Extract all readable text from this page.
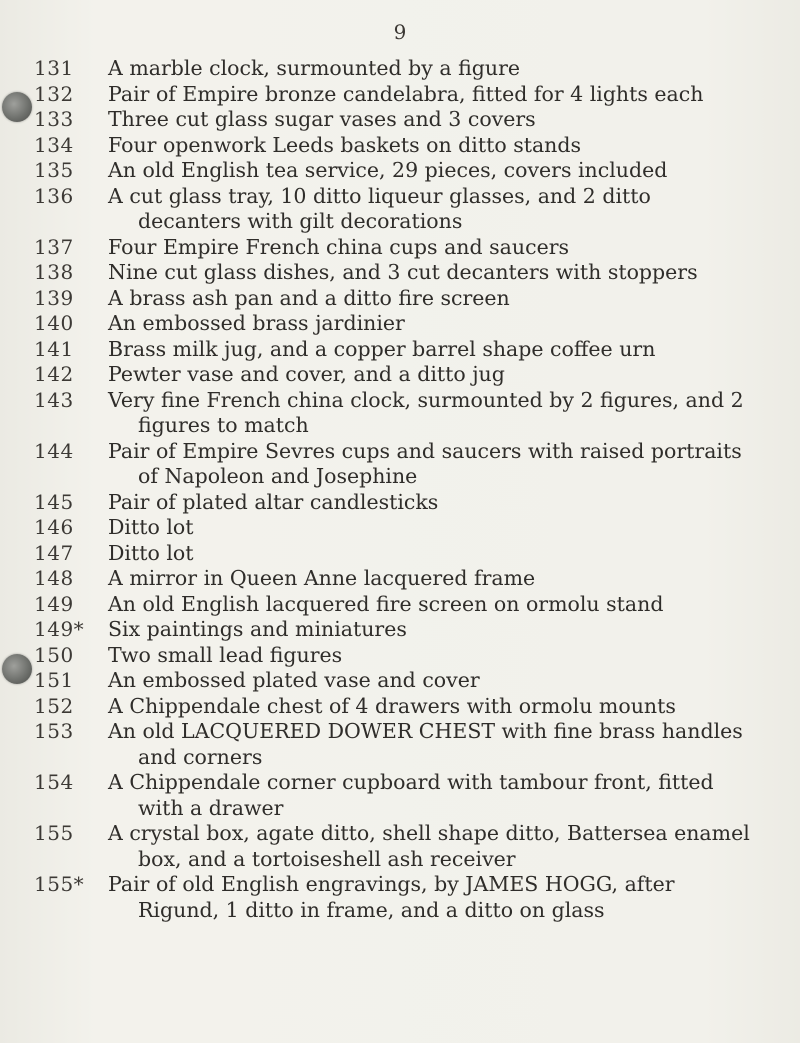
9
131	A marble clock, surmounted by a figure
132	Pair of Empire bronze candelabra, fitted for 4 lights each
133	Three cut glass sugar vases and 3 covers
134	Four openwork Leeds baskets on ditto stands
135	An old English tea service, 29 pieces, covers included
136	A cut glass tray, 10 ditto liqueur glasses, and 2 ditto decanters with gilt decorations
137	Four Empire French china cups and saucers
138	Nine cut glass dishes, and 3 cut decanters with stoppers
139	A brass ash pan and a ditto fire screen
140	An embossed brass jardinier
141	Brass milk jug, and a copper barrel shape coffee urn
142	Pewter vase and cover, and a ditto jug
143	Very fine French china clock, surmounted by 2 figures, and 2 figures to match
144	Pair of Empire Sevres cups and saucers with raised portraits of Napoleon and Josephine
145	Pair of plated altar candlesticks
146	Ditto lot
147	Ditto lot
148	A mirror in Queen Anne lacquered frame
149	An old English lacquered fire screen on ormolu stand
149*	Six paintings and miniatures
150	Two small lead figures
151	An embossed plated vase and cover
152	A Chippendale chest of 4 drawers with ormolu mounts
153	An old LACQUERED DOWER CHEST with fine brass handles and corners
154	A Chippendale corner cupboard with tambour front, fitted with a drawer
155	A crystal box, agate ditto, shell shape ditto, Battersea enamel box, and a tortoiseshell ash receiver
155*	Pair of old English engravings, by JAMES HOGG, after Rigund, 1 ditto in frame, and a ditto on glass
